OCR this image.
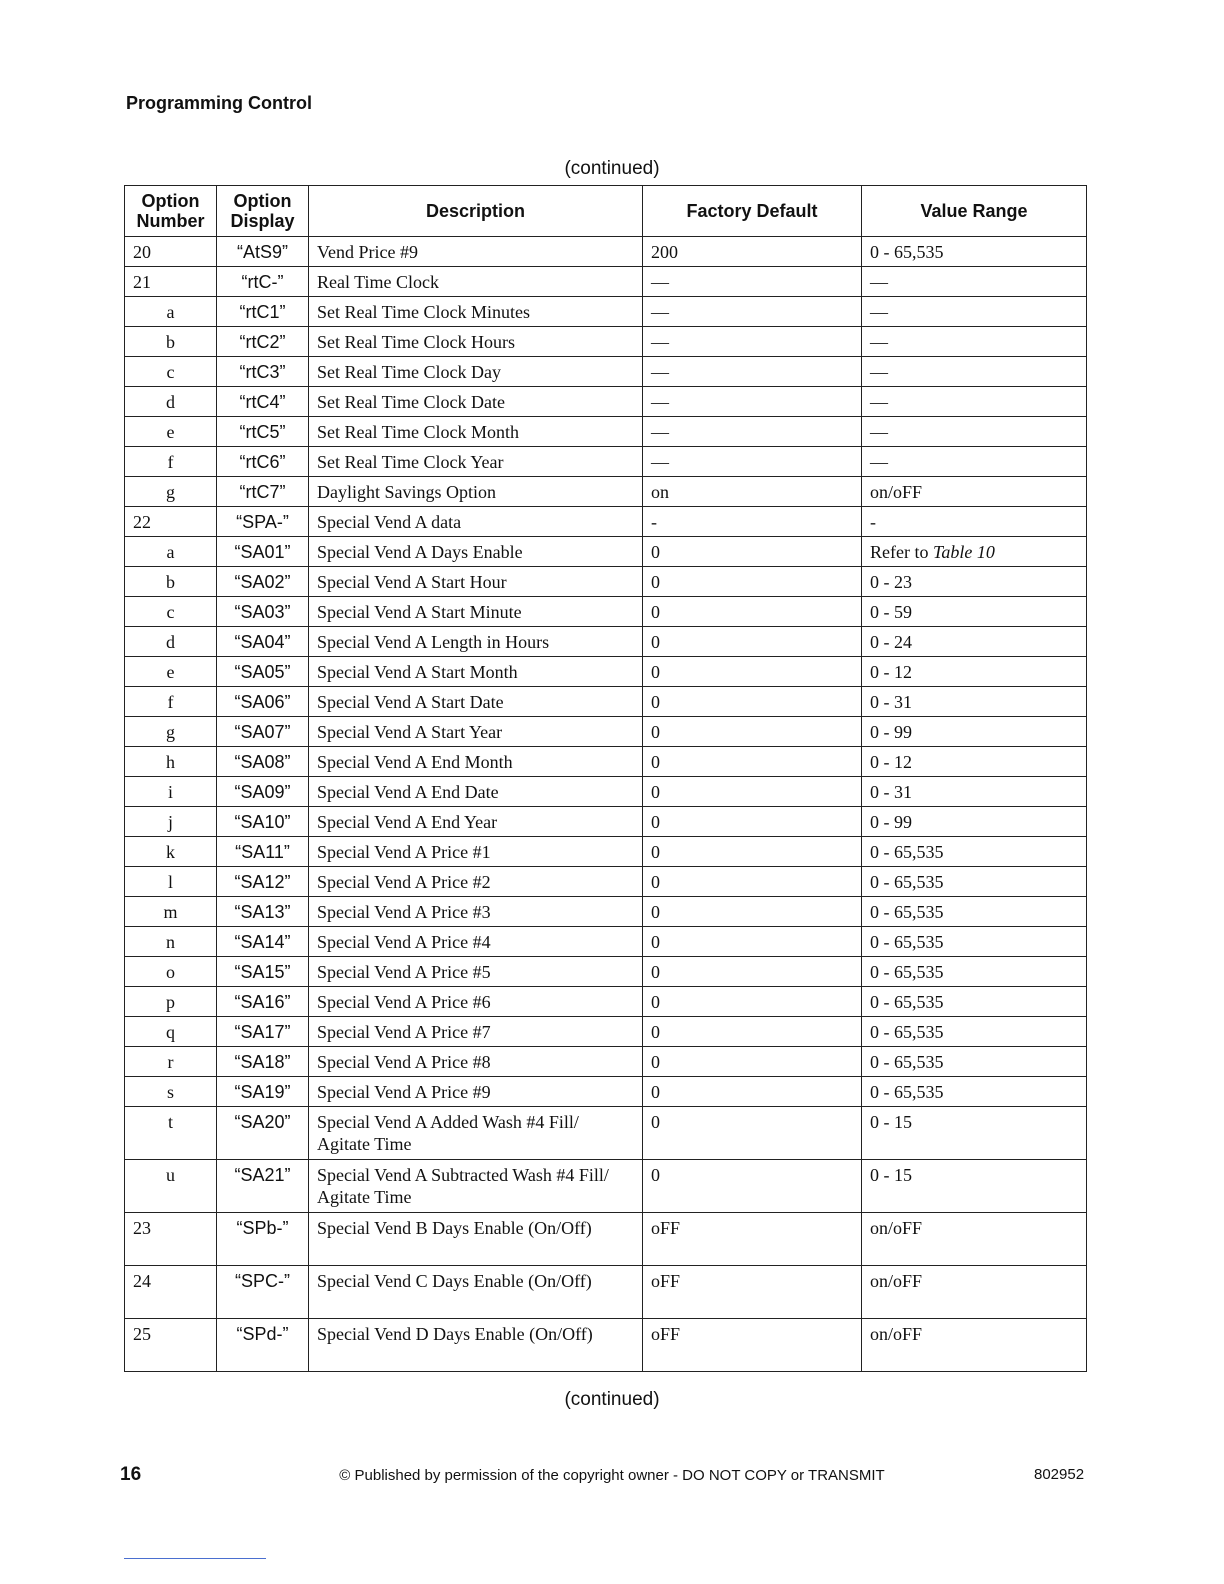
Programming Control
(continued)
Option Number	Option Display	Description	Factory Default	Value Range
20	“AtS9”	Vend Price #9	200	0 - 65,535
21	“rtC-”	Real Time Clock	—	—
a	“rtC1”	Set Real Time Clock Minutes	—	—
b	“rtC2”	Set Real Time Clock Hours	—	—
c	“rtC3”	Set Real Time Clock Day	—	—
d	“rtC4”	Set Real Time Clock Date	—	—
e	“rtC5”	Set Real Time Clock Month	—	—
f	“rtC6”	Set Real Time Clock Year	—	—
g	“rtC7”	Daylight Savings Option	on	on/oFF
22	“SPA-”	Special Vend A data	-	-
a	“SA01”	Special Vend A Days Enable	0	Refer to Table 10
b	“SA02”	Special Vend A Start Hour	0	0 - 23
c	“SA03”	Special Vend A Start Minute	0	0 - 59
d	“SA04”	Special Vend A Length in Hours	0	0 - 24
e	“SA05”	Special Vend A Start Month	0	0 - 12
f	“SA06”	Special Vend A Start Date	0	0 - 31
g	“SA07”	Special Vend A Start Year	0	0 - 99
h	“SA08”	Special Vend A End Month	0	0 - 12
i	“SA09”	Special Vend A End Date	0	0 - 31
j	“SA10”	Special Vend A End Year	0	0 - 99
k	“SA11”	Special Vend A Price #1	0	0 - 65,535
l	“SA12”	Special Vend A Price #2	0	0 - 65,535
m	“SA13”	Special Vend A Price #3	0	0 - 65,535
n	“SA14”	Special Vend A Price #4	0	0 - 65,535
o	“SA15”	Special Vend A Price #5	0	0 - 65,535
p	“SA16”	Special Vend A Price #6	0	0 - 65,535
q	“SA17”	Special Vend A Price #7	0	0 - 65,535
r	“SA18”	Special Vend A Price #8	0	0 - 65,535
s	“SA19”	Special Vend A Price #9	0	0 - 65,535
t	“SA20”	Special Vend A Added Wash #4 Fill/ Agitate Time	0	0 - 15
u	“SA21”	Special Vend A Subtracted Wash #4 Fill/ Agitate Time	0	0 - 15
23	“SPb-”	Special Vend B Days Enable (On/Off)	oFF	on/oFF
24	“SPC-”	Special Vend C Days Enable (On/Off)	oFF	on/oFF
25	“SPd-”	Special Vend D Days Enable (On/Off)	oFF	on/oFF
(continued)
16	© Published by permission of the copyright owner - DO NOT COPY or TRANSMIT	802952
